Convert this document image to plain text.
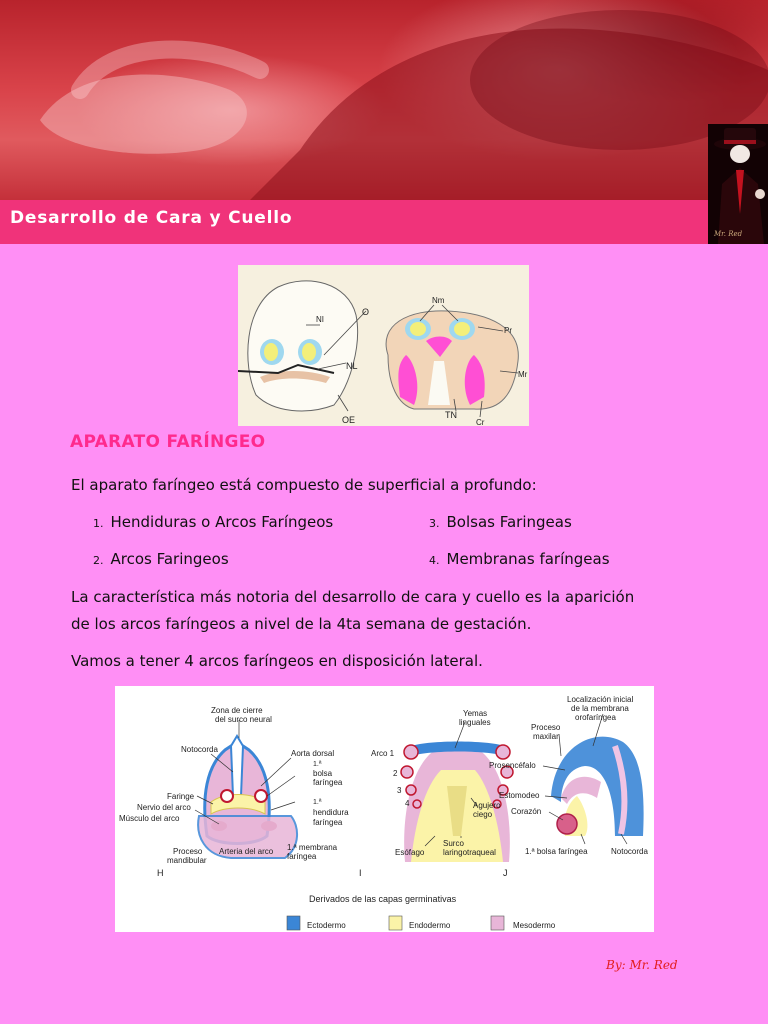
Desarrollo de Cara y Cuello
Mr. Red
NI
O
NL
OE
Nm
Pr
Mr
TN
Cr
APARATO FARÍNGEO
El aparato faríngeo está compuesto de superficial a profundo:
1. Hendiduras o Arcos Faríngeos
2. Arcos Faringeos
3. Bolsas Faringeas
4. Membranas faríngeas
La característica más notoria del desarrollo de cara y cuello es la aparición
de los arcos faríngeos a nivel de la 4ta semana de gestación.
Vamos a tener 4 arcos faríngeos en disposición lateral.
Zona de cierre
del surco neural
Notocorda	Aorta dorsal
1.ª
bolsa
faríngea
Faringe
Nervio del arco
Músculo del arco
1.ª
hendidura
faríngea
Proceso
mandibular
Arteria del arco 1.ª membrana
faríngea
H
Yemas
linguales
Arco 1
2
3
4	Agujero
ciego
Surco
laringotraqueal
Esófago
I
Localización inicial
de la membrana
orofaríngea
Proceso
maxilar
Prosencéfalo
Estomodeo
Corazón
1.ª bolsa faríngea	Notocorda
J
Derivados de las capas germinativas
Ectodermo	Endodermo	Mesodermo
By: Mr. Red
